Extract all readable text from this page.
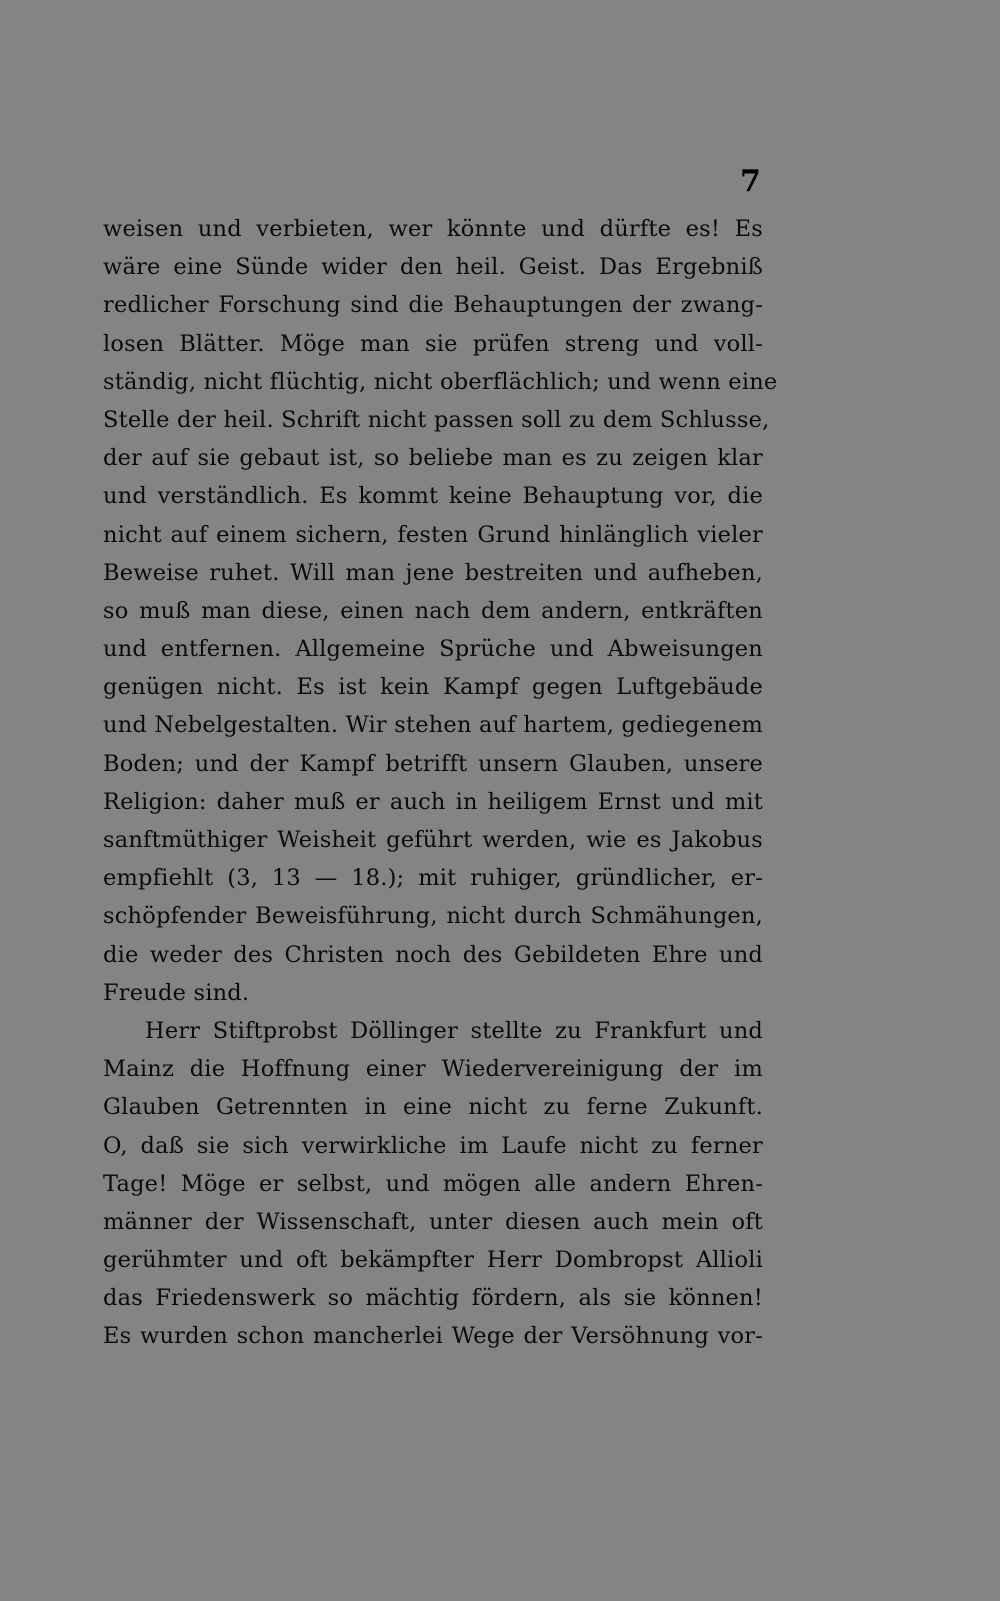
7
weisen und verbieten, wer könnte und dürfte es! Es
wäre eine Sünde wider den heil. Geist. Das Ergebniß
redlicher Forschung sind die Behauptungen der zwang-
losen Blätter. Möge man sie prüfen streng und voll-
ständig, nicht flüchtig, nicht oberflächlich; und wenn eine
Stelle der heil. Schrift nicht passen soll zu dem Schlusse,
der auf sie gebaut ist, so beliebe man es zu zeigen klar
und verständlich. Es kommt keine Behauptung vor, die
nicht auf einem sichern, festen Grund hinlänglich vieler
Beweise ruhet. Will man jene bestreiten und aufheben,
so muß man diese, einen nach dem andern, entkräften
und entfernen. Allgemeine Sprüche und Abweisungen
genügen nicht. Es ist kein Kampf gegen Luftgebäude
und Nebelgestalten. Wir stehen auf hartem, gediegenem
Boden; und der Kampf betrifft unsern Glauben, unsere
Religion: daher muß er auch in heiligem Ernst und mit
sanftmüthiger Weisheit geführt werden, wie es Jakobus
empfiehlt (3, 13 — 18.); mit ruhiger, gründlicher, er-
schöpfender Beweisführung, nicht durch Schmähungen,
die weder des Christen noch des Gebildeten Ehre und
Freude sind.
Herr Stiftprobst Döllinger stellte zu Frankfurt und
Mainz die Hoffnung einer Wiedervereinigung der im
Glauben Getrennten in eine nicht zu ferne Zukunft.
O, daß sie sich verwirkliche im Laufe nicht zu ferner
Tage! Möge er selbst, und mögen alle andern Ehren-
männer der Wissenschaft, unter diesen auch mein oft
gerühmter und oft bekämpfter Herr Dombropst Allioli
das Friedenswerk so mächtig fördern, als sie können!
Es wurden schon mancherlei Wege der Versöhnung vor-
